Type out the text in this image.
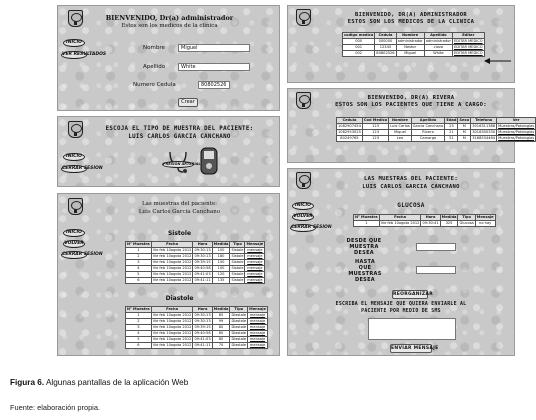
INICIO
VER RESULTADOS
BIENVENIDO, Dr(a) administrador
Estos son los medicos de la clinica
Nombre	Miguel
Apellido	White
Numero Cedula	80802526
Crear
INICIO
CERRAR SESION
ESCOJA EL TIPO DE MUESTRA DEL PACIENTE:
LUIS CARLOS GARCIA CANCHANO
PRESION ARTERIAL
INICIO
VOLVER
CERRAR SESION
Las muestras del paciente:
Luis Carlos Garcia Canchano
Sistole
N° Muestra	Fecha	Hora	Medida	Tipo	Mensaje
1	Vie feb 10ogota 2012	09:30:13	100	Sistole	mensaje
2	Vie feb 10ogota 2012	09:30:13	180	Sistole	mensaje
3	Vie feb 10ogota 2012	09:39:15	150	Sistole	mensaje
4	Vie feb 10ogota 2012	09:40:58	100	Sistole	mensaje
5	Vie feb 10ogota 2012	09:41:03	120	Sistole	mensaje
6	Vie feb 10ogota 2012	09:41:11	135	Sistole	mensaje
Diastole
N° Muestra	Fecha	Hora	Medida	Tipo	Mensaje
1	Vie feb 10ogota 2012	09:30:13	65	Diastole	mensaje
2	Vie feb 10ogota 2012	09:30:13	99	Diastole	mensaje
3	Vie feb 10ogota 2012	09:39:15	80	Diastole	mensaje
4	Vie feb 10ogota 2012	09:40:58	80	Diastole	mensaje
5	Vie feb 10ogota 2012	09:41:03	80	Diastole	mensaje
6	Vie feb 10ogota 2012	09:41:11	70	Diastole	mensaje
BIENVENIDO, DR(A) ADMINISTRADOR
ESTOS SON LOS MEDICOS DE LA CLINICA
codigo medico	Cedula	Nombre	Apellido	Editar
000	000000	administrador	administrador	EDITAR MEDICO
001	12345	Nestor	clavo	EDITAR MEDICO
002	80802526	Miguel	White	EDITAR MEDICO
BIENVENIDO, DR(A) RIVERA
ESTOS SON LOS PACIENTES QUE TIENE A CARGO:
Cedula	Cod Medico	Nombre	Apellido	Edad	Sexo	Telefono	Ver
1082907454	123	Luis Carlos	Garcia Canchano	23	M	3016311388	Muestras/Patologias
1082953025	123	Miguel	Rivera	21	M	3016350330	Muestras/Patologias
80249765	123	Leo	Camargo	51	M	3168534464	Muestras/Patologias
INICIO
VOLVER
CERRAR SESION
LAS MUESTRAS DEL PACIENTE:
LUIS CARLOS GARCIA CANCHANO
GLUCOSA
N° Muestra	Fecha	Hora	Medida	Tipo	Mensaje
1	Vie feb 10ogota 2012	09:30:41	325	Glucosa	no hay
DESDE QUE MUESTRA DESEA
HASTA QUE MUESTRAS DESEA
REORGANIZAR
ESCRIBA EL MENSAJE QUE QUIERA ENVIARLE AL PACIENTE POR MEDIO DE SMS
ENVIAR MENSAJE
Figura 6. Algunas pantallas de la aplicación Web
Fuente: elaboración propia.
